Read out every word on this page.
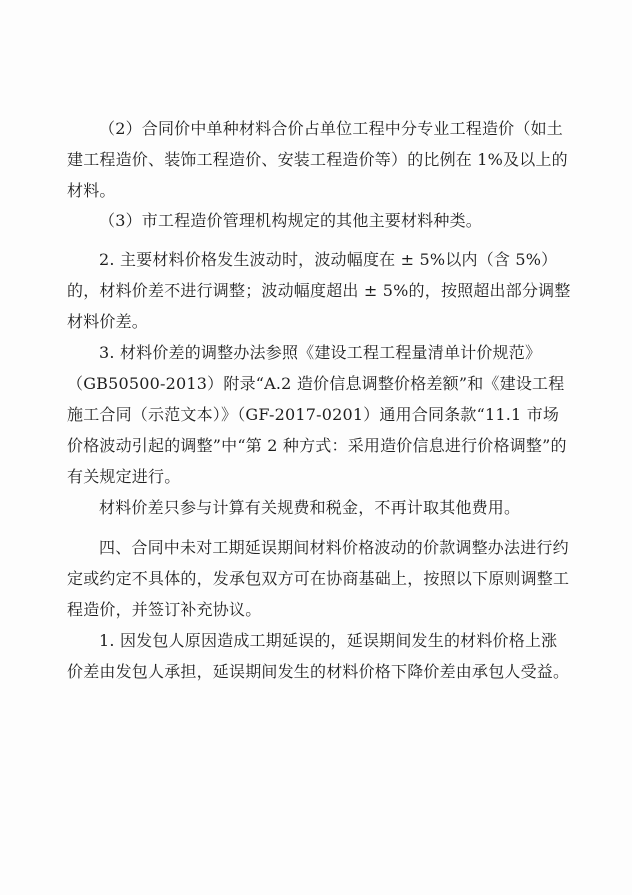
（2）合同价中单种材料合价占单位工程中分专业工程造价（如土建工程造价、装饰工程造价、安装工程造价等）的比例在 1%及以上的材料。

（3）市工程造价管理机构规定的其他主要材料种类。

2. 主要材料价格发生波动时，波动幅度在 ± 5%以内（含 5%）的，材料价差不进行调整；波动幅度超出 ± 5%的，按照超出部分调整材料价差。

3. 材料价差的调整办法参照《建设工程工程量清单计价规范》（GB50500-2013）附录“A.2 造价信息调整价格差额”和《建设工程施工合同（示范文本）》（GF-2017-0201）通用合同条款“11.1 市场价格波动引起的调整”中“第 2 种方式：采用造价信息进行价格调整”的有关规定进行。

材料价差只参与计算有关规费和税金，不再计取其他费用。

四、合同中未对工期延误期间材料价格波动的价款调整办法进行约定或约定不具体的，发承包双方可在协商基础上，按照以下原则调整工程造价，并签订补充协议。

1. 因发包人原因造成工期延误的，延误期间发生的材料价格上涨价差由发包人承担，延误期间发生的材料价格下降价差由承包人受益。
